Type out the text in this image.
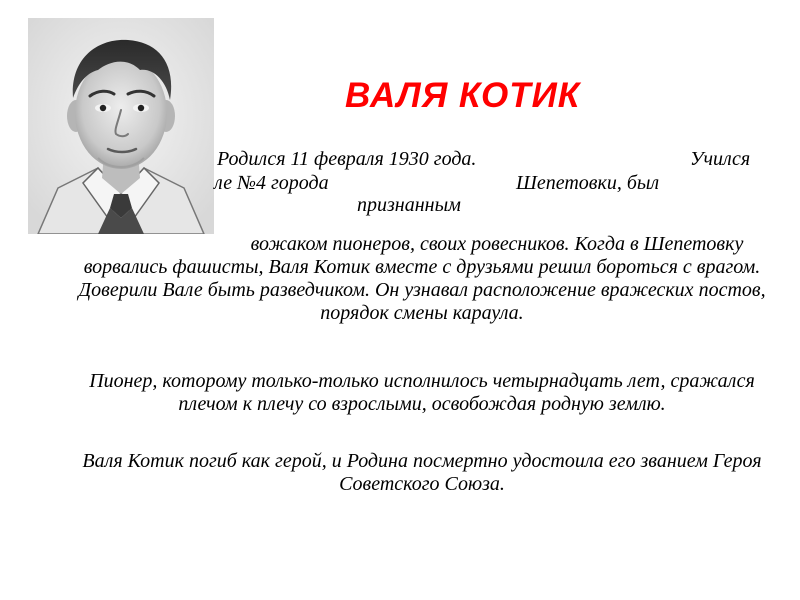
ВАЛЯ КОТИК

Родился 11 февраля 1930 года.	Учился

ле №4 города	Шепетовки, был

признанным

вожаком пионеров, своих ровесников. Когда в Шепетовку ворвались фашисты, Валя Котик вместе с друзьями решил бороться с врагом. Доверили Вале быть разведчиком. Он узнавал расположение вражеских постов, порядок смены караула.

Пионер, которому только-только исполнилось четырнадцать лет, сражался плечом к плечу со взрослыми, освобождая родную землю.

Валя Котик погиб как герой, и Родина посмертно удостоила его званием Героя Советского Союза.
